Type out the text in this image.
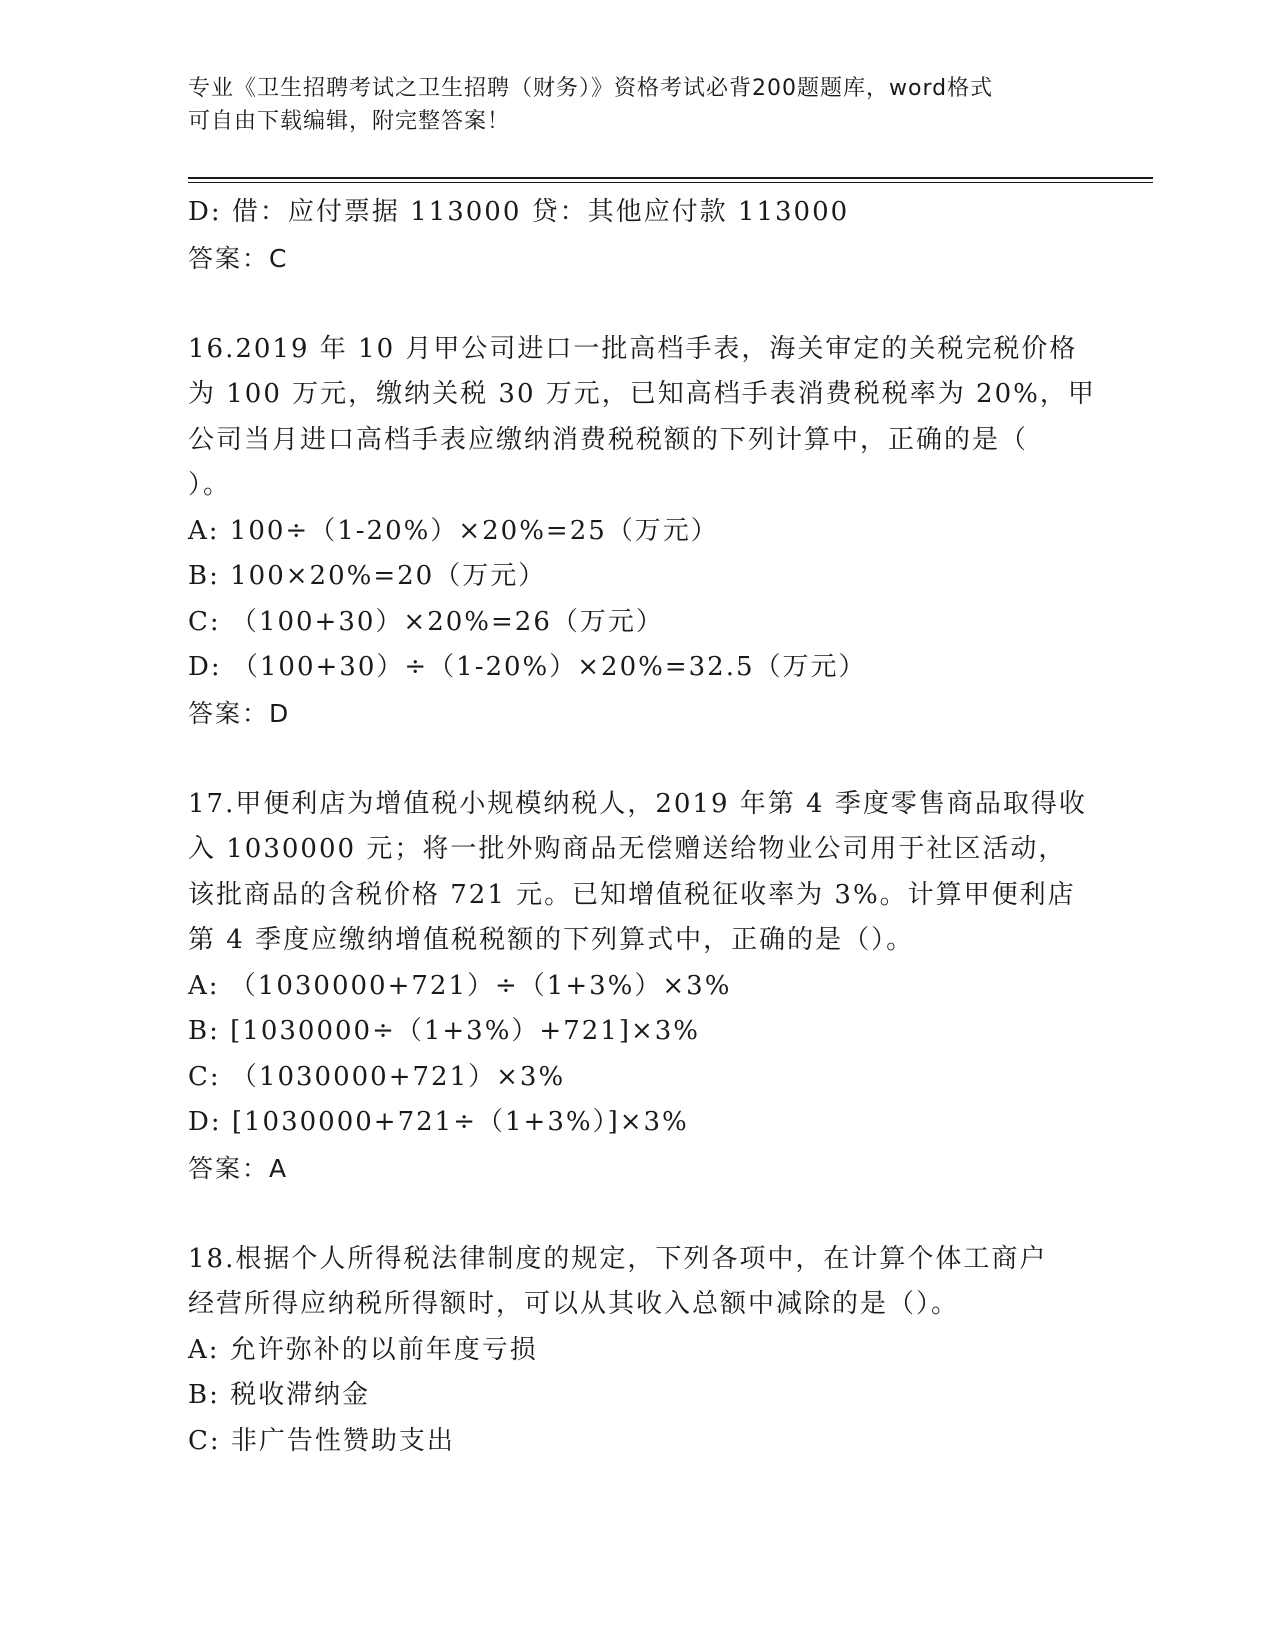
专业《卫生招聘考试之卫生招聘（财务）》资格考试必背200题题库，word格式
可自由下载编辑，附完整答案！
D: 借：应付票据 113000 贷：其他应付款 113000
答案：C
16.2019 年 10 月甲公司进口一批高档手表，海关审定的关税完税价格
为 100 万元，缴纳关税 30 万元，已知高档手表消费税税率为 20%，甲
公司当月进口高档手表应缴纳消费税税额的下列计算中，正确的是（
）。
A: 100÷（1-20%）×20%=25（万元）
B: 100×20%=20（万元）
C: （100+30）×20%=26（万元）
D: （100+30）÷（1-20%）×20%=32.5（万元）
答案：D
17.甲便利店为增值税小规模纳税人，2019 年第 4 季度零售商品取得收
入 1030000 元；将一批外购商品无偿赠送给物业公司用于社区活动，
该批商品的含税价格 721 元。已知增值税征收率为 3%。计算甲便利店
第 4 季度应缴纳增值税税额的下列算式中，正确的是（）。
A: （1030000+721）÷（1+3%）×3%
B: [1030000÷（1+3%）+721]×3%
C: （1030000+721）×3%
D: [1030000+721÷（1+3%）]×3%
答案：A
18.根据个人所得税法律制度的规定，下列各项中，在计算个体工商户
经营所得应纳税所得额时，可以从其收入总额中减除的是（）。
A: 允许弥补的以前年度亏损
B: 税收滞纳金
C: 非广告性赞助支出
